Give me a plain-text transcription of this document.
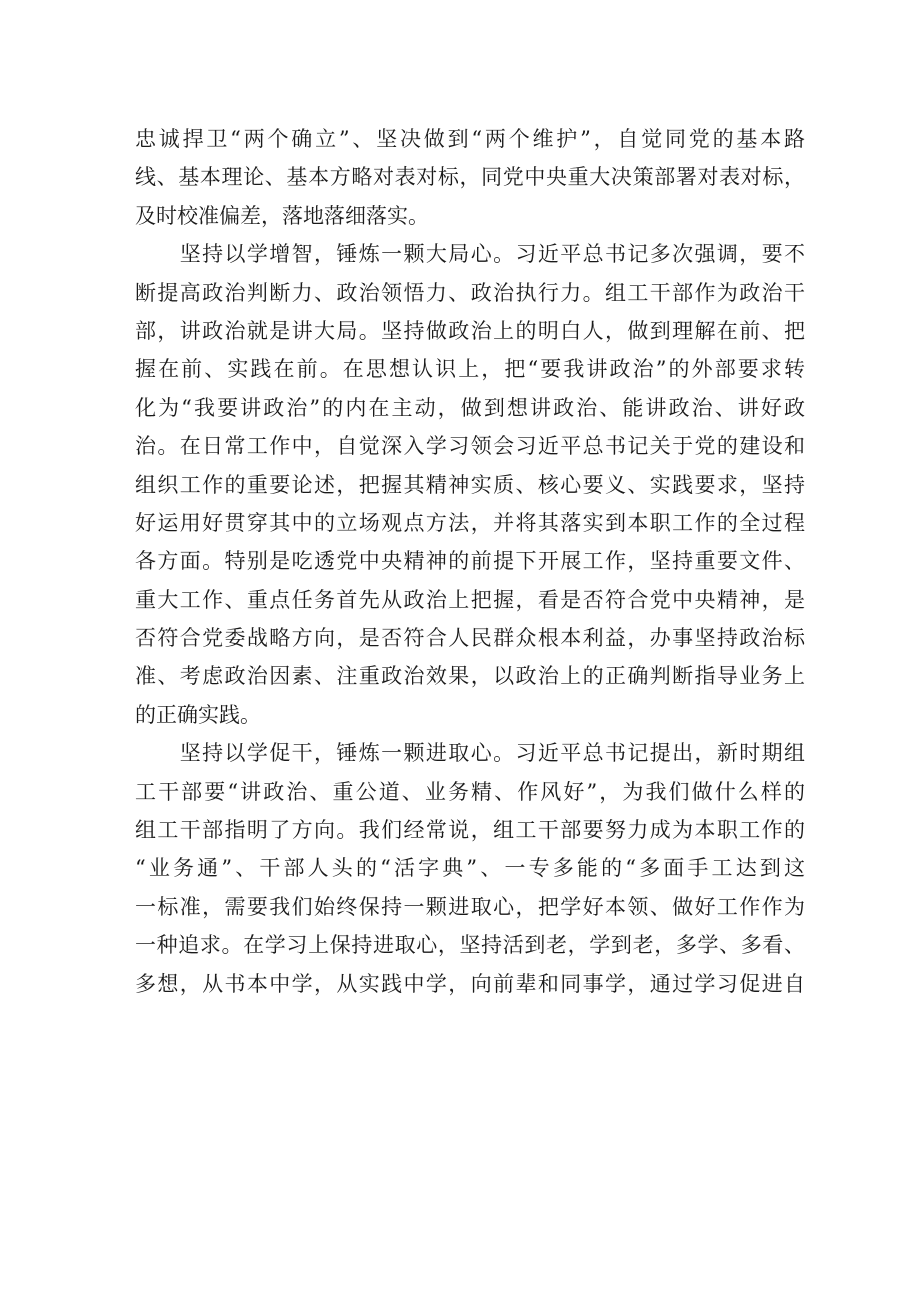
忠诚捍卫“两个确立”、坚决做到“两个维护”，自觉同党的基本路
线、基本理论、基本方略对表对标，同党中央重大决策部署对表对标，
及时校准偏差，落地落细落实。
　　坚持以学增智，锤炼一颗大局心。习近平总书记多次强调，要不
断提高政治判断力、政治领悟力、政治执行力。组工干部作为政治干
部，讲政治就是讲大局。坚持做政治上的明白人，做到理解在前、把
握在前、实践在前。在思想认识上，把“要我讲政治”的外部要求转
化为“我要讲政治”的内在主动，做到想讲政治、能讲政治、讲好政
治。在日常工作中，自觉深入学习领会习近平总书记关于党的建设和
组织工作的重要论述，把握其精神实质、核心要义、实践要求，坚持
好运用好贯穿其中的立场观点方法，并将其落实到本职工作的全过程
各方面。特别是吃透党中央精神的前提下开展工作，坚持重要文件、
重大工作、重点任务首先从政治上把握，看是否符合党中央精神，是
否符合党委战略方向，是否符合人民群众根本利益，办事坚持政治标
准、考虑政治因素、注重政治效果，以政治上的正确判断指导业务上
的正确实践。
　　坚持以学促干，锤炼一颗进取心。习近平总书记提出，新时期组
工干部要“讲政治、重公道、业务精、作风好”，为我们做什么样的
组工干部指明了方向。我们经常说，组工干部要努力成为本职工作的
“业务通”、干部人头的“活字典”、一专多能的“多面手工达到这
一标准，需要我们始终保持一颗进取心，把学好本领、做好工作作为
一种追求。在学习上保持进取心，坚持活到老，学到老，多学、多看、
多想，从书本中学，从实践中学，向前辈和同事学，通过学习促进自
